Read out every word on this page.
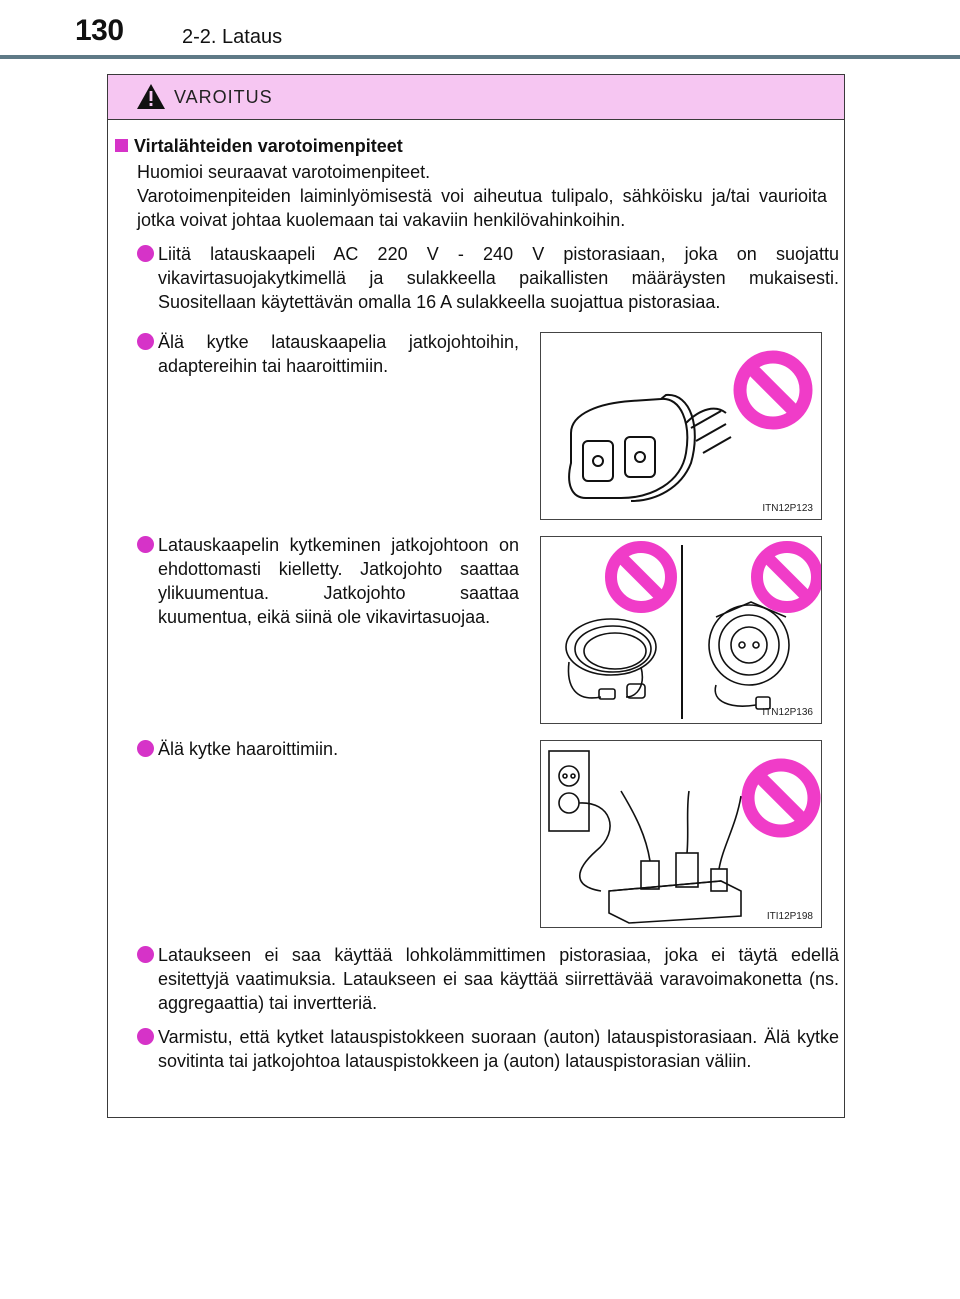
130	2-2. Lataus
VAROITUS
Virtalähteiden varotoimenpiteet
Huomioi seuraavat varotoimenpiteet.
Varotoimenpiteiden laiminlyömisestä voi aiheutua tulipalo, sähköisku ja/tai vaurioita jotka voivat johtaa kuolemaan tai vakaviin henkilövahinkoihin.
Liitä latauskaapeli AC 220 V - 240 V pistorasiaan, joka on suojattu vikavirtasuojakytkimellä ja sulakkeella paikallisten määräysten mukaisesti. Suositellaan käytettävän omalla 16 A sulakkeella suojattua pistorasiaa.
Älä kytke latauskaapelia jatkojohtoihin, adaptereihin tai haaroittimiin.
Latauskaapelin kytkeminen jatkojohtoon on ehdottomasti kielletty. Jatkojohto saattaa ylikuumentua. Jatkojohto saattaa kuumentua, eikä siinä ole vikavirtasuojaa.
Älä kytke haaroittimiin.
Lataukseen ei saa käyttää lohkolämmittimen pistorasiaa, joka ei täytä edellä esitettyjä vaatimuksia. Lataukseen ei saa käyttää siirrettävää varavoimakonetta (ns. aggregaattia) tai invertteriä.
Varmistu, että kytket latauspistokkeen suoraan (auton) latauspistorasiaan. Älä kytke sovitinta tai jatkojohtoa latauspistokkeen ja (auton) latauspistorasian väliin.
ITN12P123
ITN12P136
ITI12P198
